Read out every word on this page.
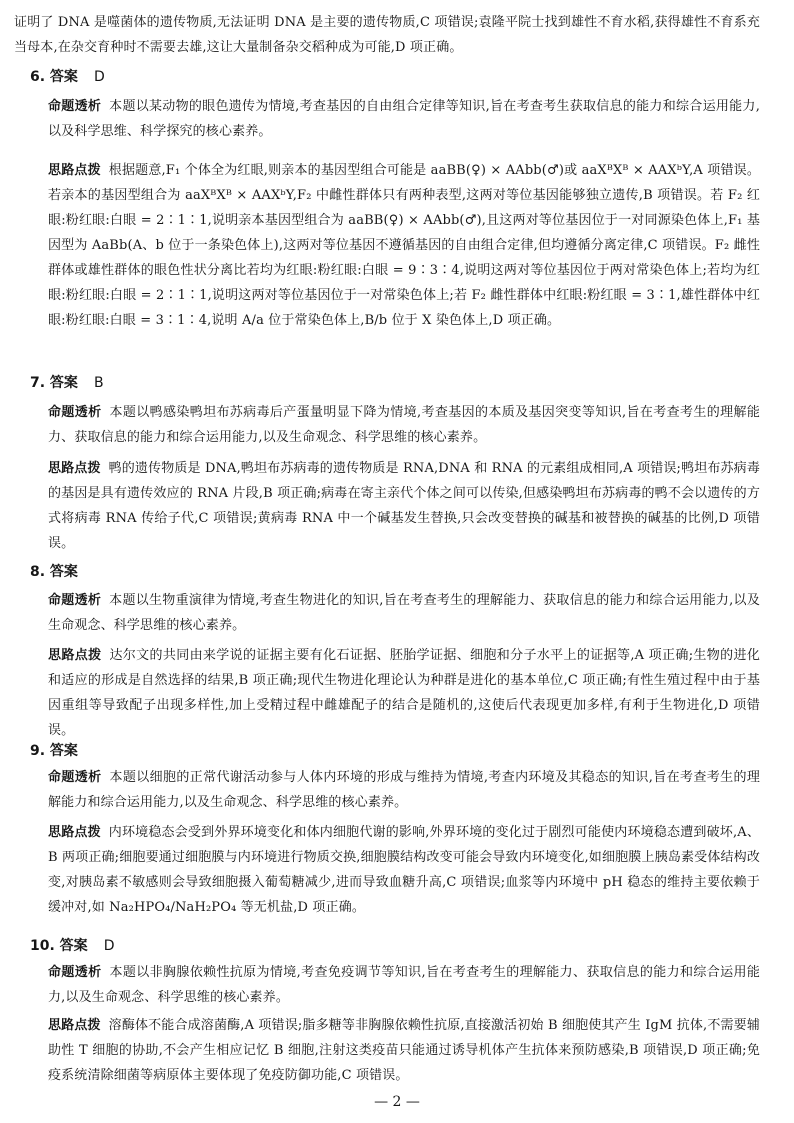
证明了 DNA 是噬菌体的遗传物质,无法证明 DNA 是主要的遗传物质,C 项错误;袁隆平院士找到雄性不育水稻,获得雄性不育系充当母本,在杂交育种时不需要去雄,这让大量制备杂交稻种成为可能,D 项正确。

6. 答案 D

命题透析 本题以某动物的眼色遗传为情境,考查基因的自由组合定律等知识,旨在考查考生获取信息的能力和综合运用能力,以及科学思维、科学探究的核心素养。

思路点拨 根据题意,F₁ 个体全为红眼,则亲本的基因型组合可能是 aaBB(♀) × AAbb(♂)或 aaXᴮXᴮ × AAXᵇY,A 项错误。若亲本的基因型组合为 aaXᴮXᴮ × AAXᵇY,F₂ 中雌性群体只有两种表型,这两对等位基因能够独立遗传,B 项错误。若 F₂ 红眼:粉红眼:白眼 = 2∶1∶1,说明亲本基因型组合为 aaBB(♀) × AAbb(♂),且这两对等位基因位于一对同源染色体上,F₁ 基因型为 AaBb(A、b 位于一条染色体上),这两对等位基因不遵循基因的自由组合定律,但均遵循分离定律,C 项错误。F₂ 雌性群体或雄性群体的眼色性状分离比若均为红眼:粉红眼:白眼 = 9∶3∶4,说明这两对等位基因位于两对常染色体上;若均为红眼:粉红眼:白眼 = 2∶1∶1,说明这两对等位基因位于一对常染色体上;若 F₂ 雌性群体中红眼:粉红眼 = 3∶1,雄性群体中红眼:粉红眼:白眼 = 3∶1∶4,说明 A/a 位于常染色体上,B/b 位于 X 染色体上,D 项正确。

7. 答案 B

命题透析 本题以鸭感染鸭坦布苏病毒后产蛋量明显下降为情境,考查基因的本质及基因突变等知识,旨在考查考生的理解能力、获取信息的能力和综合运用能力,以及生命观念、科学思维的核心素养。

思路点拨 鸭的遗传物质是 DNA,鸭坦布苏病毒的遗传物质是 RNA,DNA 和 RNA 的元素组成相同,A 项错误;鸭坦布苏病毒的基因是具有遗传效应的 RNA 片段,B 项正确;病毒在寄主亲代个体之间可以传染,但感染鸭坦布苏病毒的鸭不会以遗传的方式将病毒 RNA 传给子代,C 项错误;黄病毒 RNA 中一个碱基发生替换,只会改变替换的碱基和被替换的碱基的比例,D 项错误。

8. 答案

命题透析 本题以生物重演律为情境,考查生物进化的知识,旨在考查考生的理解能力、获取信息的能力和综合运用能力,以及生命观念、科学思维的核心素养。

思路点拨 达尔文的共同由来学说的证据主要有化石证据、胚胎学证据、细胞和分子水平上的证据等,A 项正确;生物的进化和适应的形成是自然选择的结果,B 项正确;现代生物进化理论认为种群是进化的基本单位,C 项正确;有性生殖过程中由于基因重组等导致配子出现多样性,加上受精过程中雌雄配子的结合是随机的,这使后代表现更加多样,有利于生物进化,D 项错误。

9. 答案

命题透析 本题以细胞的正常代谢活动参与人体内环境的形成与维持为情境,考查内环境及其稳态的知识,旨在考查考生的理解能力和综合运用能力,以及生命观念、科学思维的核心素养。

思路点拨 内环境稳态会受到外界环境变化和体内细胞代谢的影响,外界环境的变化过于剧烈可能使内环境稳态遭到破坏,A、B 两项正确;细胞要通过细胞膜与内环境进行物质交换,细胞膜结构改变可能会导致内环境变化,如细胞膜上胰岛素受体结构改变,对胰岛素不敏感则会导致细胞摄入葡萄糖减少,进而导致血糖升高,C 项错误;血浆等内环境中 pH 稳态的维持主要依赖于缓冲对,如 Na₂HPO₄/NaH₂PO₄ 等无机盐,D 项正确。

10. 答案 D

命题透析 本题以非胸腺依赖性抗原为情境,考查免疫调节等知识,旨在考查考生的理解能力、获取信息的能力和综合运用能力,以及生命观念、科学思维的核心素养。

思路点拨 溶酶体不能合成溶菌酶,A 项错误;脂多糖等非胸腺依赖性抗原,直接激活初始 B 细胞使其产生 IgM 抗体,不需要辅助性 T 细胞的协助,不会产生相应记忆 B 细胞,注射这类疫苗只能通过诱导机体产生抗体来预防感染,B 项错误,D 项正确;免疫系统清除细菌等病原体主要体现了免疫防御功能,C 项错误。

— 2 —
